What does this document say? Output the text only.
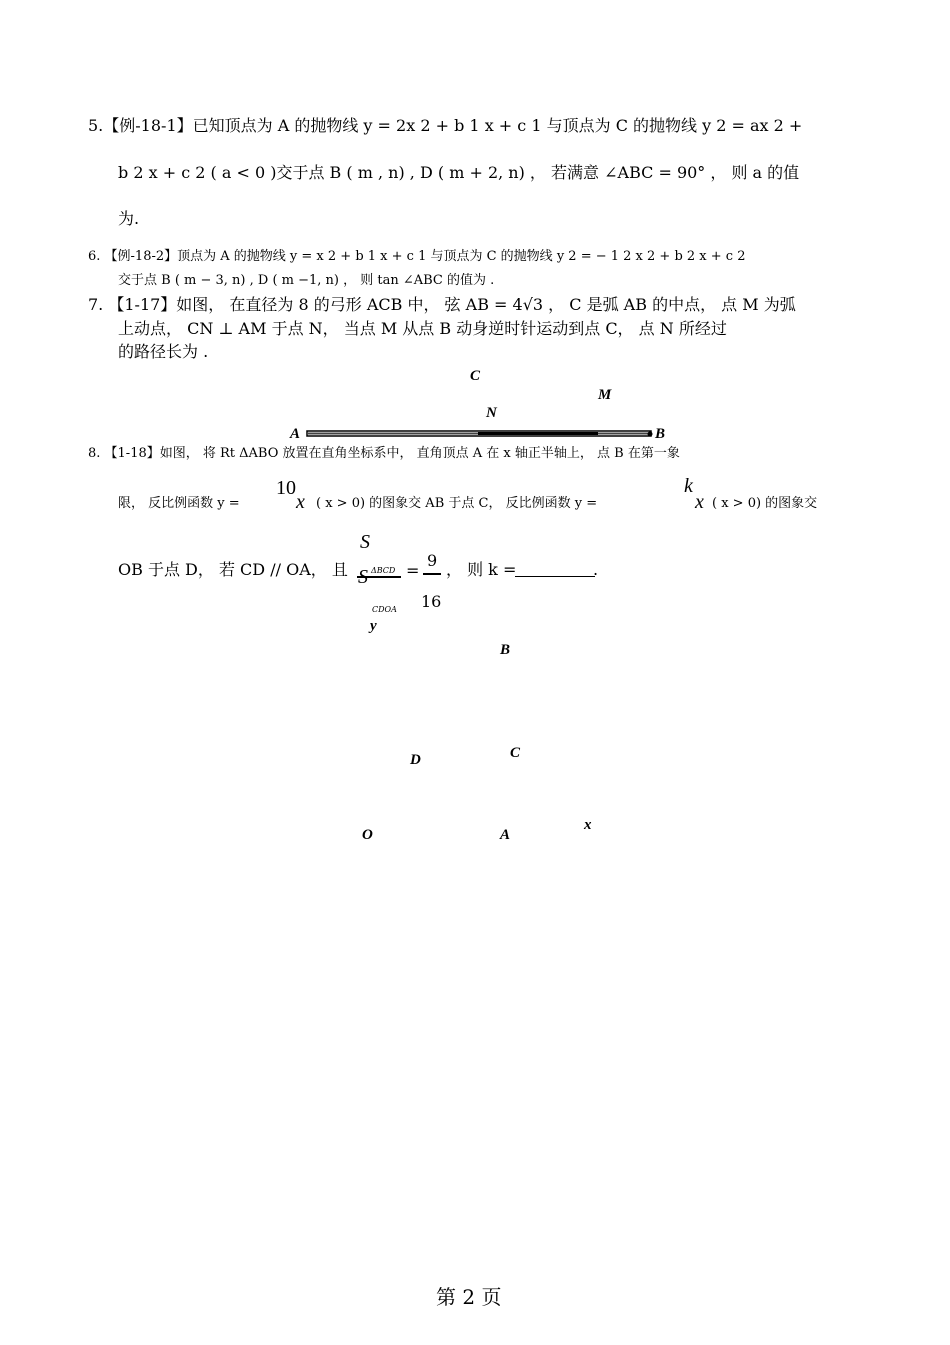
5.【例-18-1】已知顶点为 A 的抛物线 y = 2x 2 + b 1 x + c 1 与顶点为 C 的抛物线 y 2 = ax 2 +
b 2 x + c 2 ( a < 0 )交于点 B ( m , n) , D ( m + 2, n) ， 若满意 ∠ABC = 90° ， 则 a 的值
为.
6. 【例-18-2】顶点为 A 的抛物线 y = x 2 + b 1 x + c 1 与顶点为 C 的抛物线 y 2 = − 1 2 x 2 + b 2 x + c 2
交于点 B ( m − 3, n) , D ( m −1, n) ， 则 tan ∠ABC 的值为 .
7. 【1-17】如图， 在直径为 8 的弓形 ACB 中， 弦 AB = 4√3 ， C 是弧 AB 的中点， 点 M 为弧
上动点， CN ⊥ AM 于点 N， 当点 M 从点 B 动身逆时针运动到点 C， 点 N 所经过
的路径长为 .
C
M
N
A	B
8. 【1-18】如图， 将 Rt ΔABO 放置在直角坐标系中， 直角顶点 A 在 x 轴正半轴上， 点 B 在第一象
10	k
限， 反比例函数 y =	x ( x > 0) 的图象交 AB 于点 C， 反比例函数 y =	x ( x > 0) 的图象交
S
OB 于点 D， 若 CD // OA， 且	ΔBCD =
9 ， 则 k =	.
16
CDOA
y
B
D	C
O	A
x
第 2 页
